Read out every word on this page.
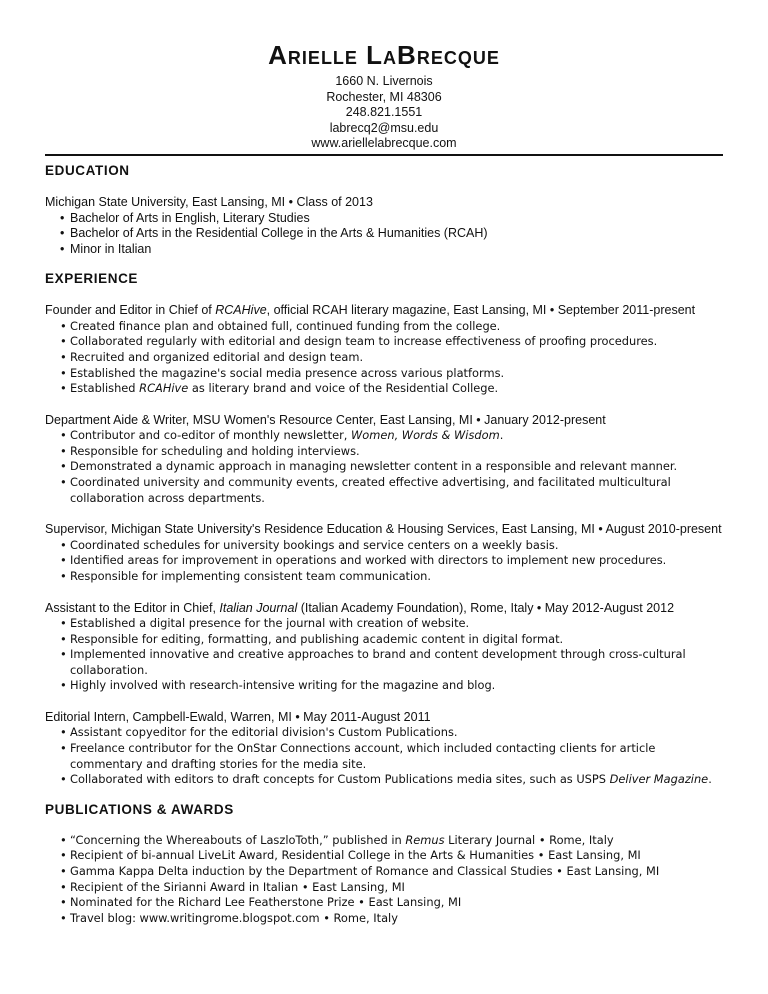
Arielle LaBrecque
1660 N. Livernois
Rochester, MI 48306
248.821.1551
labrecq2@msu.edu
www.ariellelabrecque.com

EDUCATION

Michigan State University, East Lansing, MI • Class of 2013

• Bachelor of Arts in English, Literary Studies
• Bachelor of Arts in the Residential College in the Arts & Humanities (RCAH)
• Minor in Italian

EXPERIENCE

Founder and Editor in Chief of RCAHive, official RCAH literary magazine, East Lansing, MI • September 2011-present

• Created finance plan and obtained full, continued funding from the college.
• Collaborated regularly with editorial and design team to increase effectiveness of proofing procedures.
• Recruited and organized editorial and design team.
• Established the magazine's social media presence across various platforms.
• Established RCAHive as literary brand and voice of the Residential College.

Department Aide & Writer, MSU Women's Resource Center, East Lansing, MI • January 2012-present

• Contributor and co-editor of monthly newsletter, Women, Words & Wisdom.
• Responsible for scheduling and holding interviews.
• Demonstrated a dynamic approach in managing newsletter content in a responsible and relevant manner.
• Coordinated university and community events, created effective advertising, and facilitated multicultural collaboration across departments.

Supervisor, Michigan State University's Residence Education & Housing Services, East Lansing, MI • August 2010-present

• Coordinated schedules for university bookings and service centers on a weekly basis.
• Identified areas for improvement in operations and worked with directors to implement new procedures.
• Responsible for implementing consistent team communication.

Assistant to the Editor in Chief, Italian Journal (Italian Academy Foundation), Rome, Italy • May 2012-August 2012

• Established a digital presence for the journal with creation of website.
• Responsible for editing, formatting, and publishing academic content in digital format.
• Implemented innovative and creative approaches to brand and content development through cross-cultural collaboration.
• Highly involved with research-intensive writing for the magazine and blog.

Editorial Intern, Campbell-Ewald, Warren, MI • May 2011-August 2011

• Assistant copyeditor for the editorial division's Custom Publications.
• Freelance contributor for the OnStar Connections account, which included contacting clients for article commentary and drafting stories for the media site.
• Collaborated with editors to draft concepts for Custom Publications media sites, such as USPS Deliver Magazine.

PUBLICATIONS & AWARDS

• “Concerning the Whereabouts of LaszloToth,” published in Remus Literary Journal • Rome, Italy
• Recipient of bi-annual LiveLit Award, Residential College in the Arts & Humanities • East Lansing, MI
• Gamma Kappa Delta induction by the Department of Romance and Classical Studies • East Lansing, MI
• Recipient of the Sirianni Award in Italian • East Lansing, MI
• Nominated for the Richard Lee Featherstone Prize • East Lansing, MI
• Travel blog: www.writingrome.blogspot.com • Rome, Italy
